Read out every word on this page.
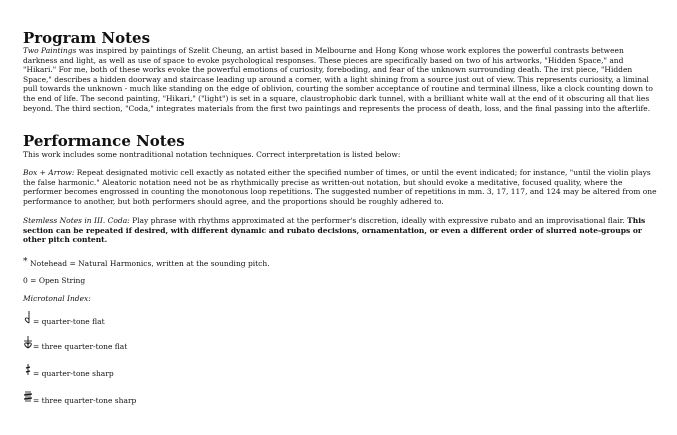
Program Notes

Two Paintings was inspired by paintings of Szelit Cheung, an artist based in Melbourne and Hong Kong whose work explores the powerful contrasts between darkness and light, as well as use of space to evoke psychological responses. These pieces are specifically based on two of his artworks, "Hidden Space," and "Hikari." For me, both of these works evoke the powerful emotions of curiosity, foreboding, and fear of the unknown surrounding death. The irst piece, "Hidden Space," describes a hidden doorway and staircase leading up around a corner, with a light shining from a source just out of view. This represents curiosity, a liminal pull towards the unknown - much like standing on the edge of oblivion, courting the somber acceptance of routine and terminal illness, like a clock counting down to the end of life. The second painting, "Hikari," ("light") is set in a square, claustrophobic dark tunnel, with a brilliant white wall at the end of it obscuring all that lies beyond. The third section, "Coda," integrates materials from the first two paintings and represents the process of death, loss, and the final passing into the afterlife.

Performance Notes

This work includes some nontraditional notation techniques. Correct interpretation is listed below:

Box + Arrow: Repeat designated motivic cell exactly as notated either the specified number of times, or until the event indicated; for instance, "until the violin plays the false harmonic." Aleatoric notation need not be as rhythmically precise as written-out notation, but should evoke a meditative, focused quality, where the performer becomes engrossed in counting the monotonous loop repetitions. The suggested number of repetitions in mm. 3, 17, 117, and 124 may be altered from one performance to another, but both performers should agree, and the proportions should be roughly adhered to.

Stemless Notes in III. Coda: Play phrase with rhythms approximated at the performer's discretion, ideally with expressive rubato and an improvisational flair. This section can be repeated if desired, with different dynamic and rubato decisions, ornamentation, or even a different order of slurred note-groups or other pitch content.

* Notehead = Natural Harmonics, written at the sounding pitch.
0 = Open String
Microtonal Index:
= quarter-tone flat
= three quarter-tone flat
= quarter-tone sharp
= three quarter-tone sharp
